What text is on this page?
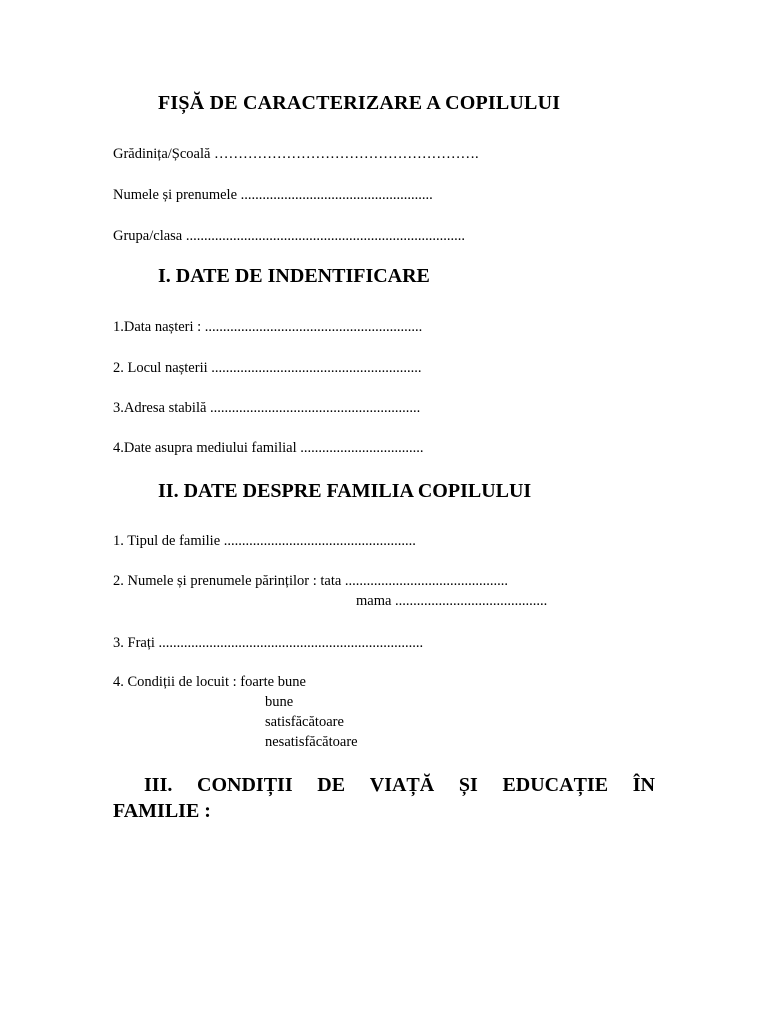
FIȘĂ DE CARACTERIZARE A COPILULUI
Grădinița/Școală ……………………………………………….
Numele și prenumele .....................................................
Grupa/clasa .............................................................................
I. DATE DE INDENTIFICARE
1.Data nașteri : ............................................................
2. Locul nașterii ..........................................................
3.Adresa stabilă ..........................................................
4.Date asupra mediului familial ..................................
II. DATE DESPRE FAMILIA COPILULUI
1. Tipul de familie .....................................................
2. Numele și prenumele părinților : tata .............................................
mama ..........................................
3. Frați .........................................................................
4. Condiții de locuit : foarte bune
bune
satisfăcătoare
nesatisfăcătoare
III. CONDIȚII DE VIAȚĂ ȘI EDUCAȚIE ÎN
FAMILIE :
